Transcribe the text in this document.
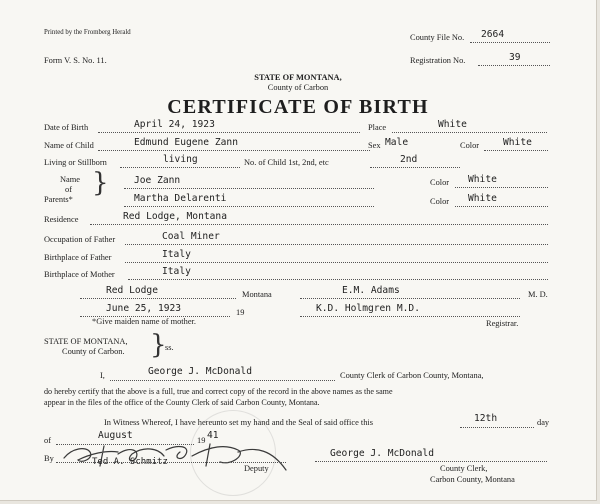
Printed by the Fromberg Herald
County File No. 2664
Form V. S. No. 11.	Registration No.	39
STATE OF MONTANA,
County of Carbon
CERTIFICATE OF BIRTH
Date of Birth	April 24, 1923	Place	White
Name of Child	Edmund Eugene Zann	Sex Male	Color White
Living or Stillborn	living	No. of Child 1st, 2nd, etc	2nd
Name
of
Parents*
}	Joe Zann	Color White
Martha Delarenti	Color White
Residence	Red Lodge, Montana
Occupation of Father	Coal Miner
Birthplace of Father	Italy
Birthplace of Mother	Italy
Red Lodge	Montana	E.M. Adams	M. D.
June 25, 1923	19	K.D. Holmgren M.D.
Registrar.
*Give maiden name of mother.
STATE OF MONTANA,
County of Carbon. }
ss.
I,	George J. McDonald	County Clerk of Carbon County, Montana,
do hereby certify that the above is a full, true and correct copy of the record in the above names as the same
appear in the files of the office of the County Clerk of said Carbon County, Montana.
In Witness Whereof, I have hereunto set my hand and the Seal of said office this	12th	day
of	August	19 41
By	Ted A. Schmitz
Deputy
George J. McDonald
County Clerk,
Carbon County, Montana
